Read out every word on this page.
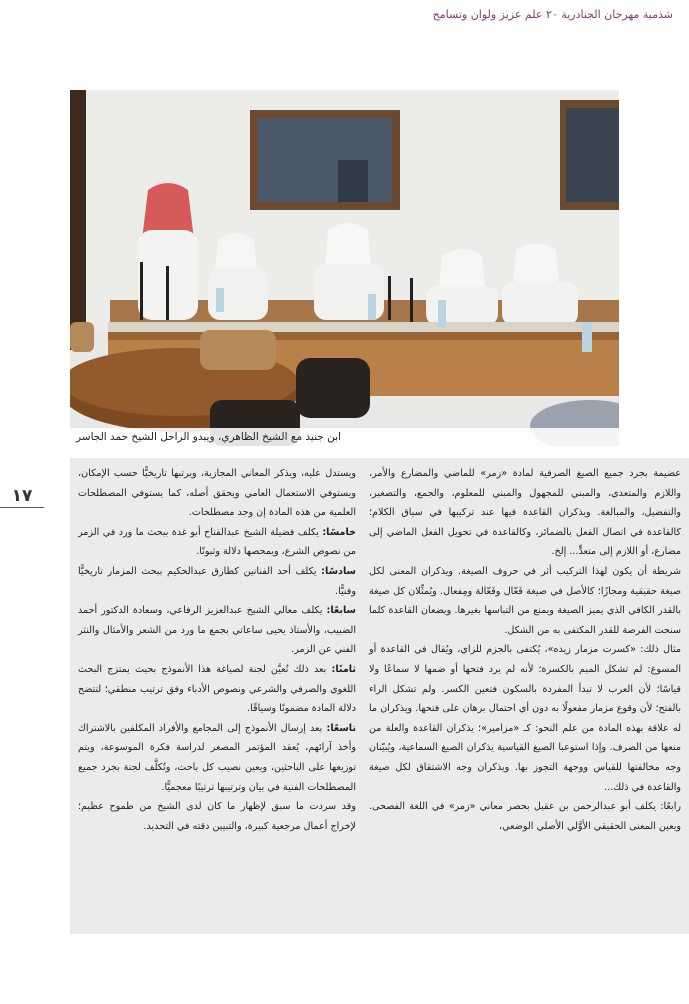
شذمية مهرجان الجنادرية ٢٠ علم عزيز ولوان وتسامح
ابن جنيد مع الشيخ الظاهري، ويبدو الراحل الشيخ حمد الجاسر
١٧

عضيمة بجرد جميع الصيغ الصرفية لمادة «زمر» للماضي والمضارع والأمر، واللازم والمتعدي، والمبني للمجهول والمبني للمعلوم، والجمع، والتصغير، والتفضيل، والمبالغة. ويذكران القاعدة فيها عند تركيبها في سياق الكلام؛ كالقاعدة في اتصال الفعل بالضمائر، وكالقاعدة في تحويل الفعل الماضي إلى مضارع، أو اللازم إلى متعدٍّ... إلخ.

شريطة أن يكون لهذا التركيب أثر في حروف الصيغة. ويذكران المعنى لكل صيغة حقيقية ومجازًا؛ كالأصل في صيغة فَعّال وفَعّالة ومِفعال. ويُمثِّلان كل صيغة بالقدر الكافي الذي يميز الصيغة ويمنع من التباسها بغيرها. ويضعان القاعدة كلما سنحت الفرصة للقدر المكتفى به من الشكل.

مثال ذلك: «كسرت مزمار زيده»، يُكتفى بالجزم للزاي، ويُقال في القاعدة أو المسوغ: لم تشكل الميم بالكسرة؛ لأنه لم يرد فتحها أو ضمها لا سماعًا ولا قياسًا؛ لأن العرب لا تبدأ المفردة بالسكون فتعين الكسر. ولم تشكل الراء بالفتح؛ لأن وقوع مزمار مفعولًا به دون أي احتمال برهان على فتحها. ويذكران ما له علاقة بهذه المادة من علم النحو: كـ «مزامير»؛ يذكران القاعدة والعلة من منعها من الصرف. وإذا استوعبا الصيغ القياسية يذكران الصيغ السماعية، ويُبيّنان وجه مخالفتها للقياس ووجهة التجوز بها. ويذكران وجه الاشتقاق لكل صيغة والقاعدة في ذلك...

رابعًا: يكلف أبو عبدالرحمن بن عقيل بحصر معاني «زمر» في اللغة الفصحى. ويعين المعنى الحقيقي الأوَّلي الأصلي الوضعي،

ويستدل عليه، ويذكر المعاني المجازية، ويرتبها تاريخيًّا حسب الإمكان، ويستوفي الاستعمال العامي ويحقق أصله، كما يستوفي المصطلحات العلمية من هذه المادة إن وجد مصطلحات.

خامسًا: يكلف فضيلة الشيخ عبدالفتاح أبو غدة ببحث ما ورد في الزمر من نصوص الشرع، ويمحصها دلالة وثبوتًا.

سادسًا: يكلف أحد الفنانين كطارق عبدالحكيم ببحث المزمار تاريخيًّا وفنيًّا.

سابعًا: يكلف معالي الشيخ عبدالعزيز الرفاعي، وسعادة الدكتور أحمد الضبيب، والأستاذ يحيى ساعاتي بجمع ما ورد من الشعر والأمثال والنثر الفني عن الزمر.

ثامنًا: بعد ذلك تُعيَّن لجنة لصياغة هذا الأنموذج بحيث يمتزج البحث اللغوي والصرفي والشرعي ونصوص الأدباء وفق ترتيب منطقي؛ لتتضح دلالة المادة مضمونًا وسياقًا.

تاسعًا: بعد إرسال الأنموذج إلى المجامع والأفراد المكلفين بالاشتراك وأخذ آرائهم، يُعقد المؤتمر المصغر لدراسة فكرة الموسوعة، ويتم توزيعها على الباحثين، ويعين نصيب كل باحث، وتُكلَّف لجنة بجرد جميع المصطلحات الفنية في بيان وترتيبها ترتيبًا معجميًّا.

وقد سردت ما سبق لإظهار ما كان لدى الشيخ من طموح عظيم؛ لإخراج أعمال مرجعية كبيرة، والتبيين دقته في التحديد.
